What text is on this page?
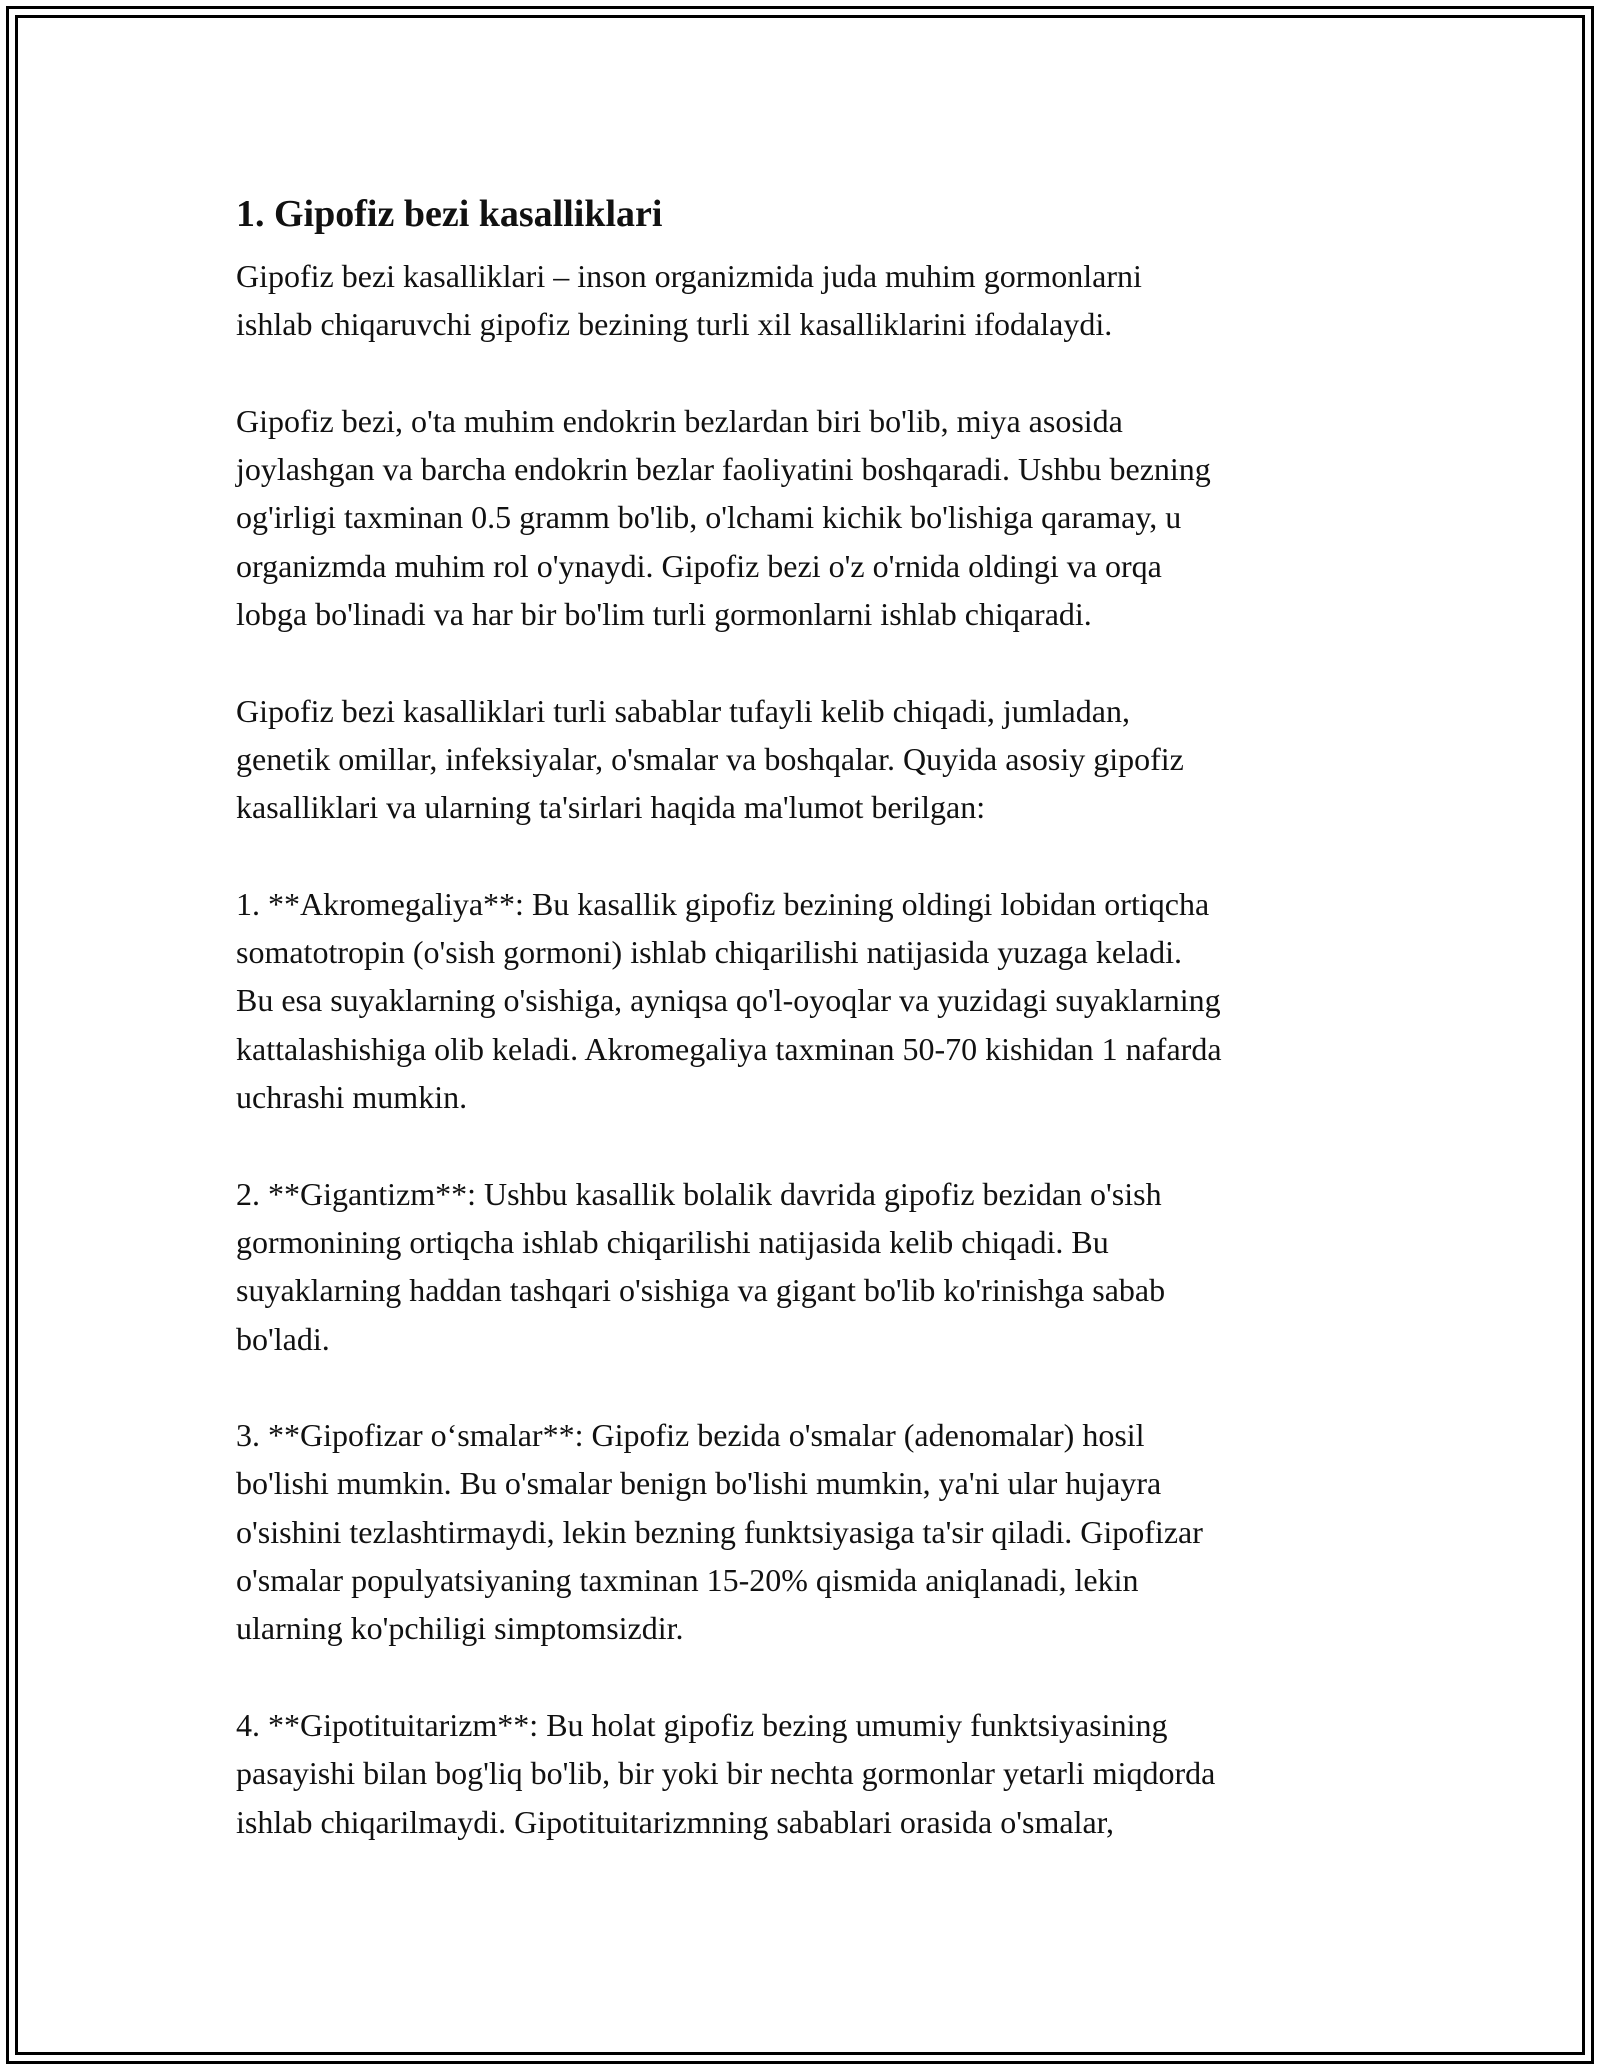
1. Gipofiz bezi kasalliklari

Gipofiz bezi kasalliklari – inson organizmida juda muhim gormonlarni
ishlab chiqaruvchi gipofiz bezining turli xil kasalliklarini ifodalaydi.

Gipofiz bezi, o'ta muhim endokrin bezlardan biri bo'lib, miya asosida
joylashgan va barcha endokrin bezlar faoliyatini boshqaradi. Ushbu bezning
og'irligi taxminan 0.5 gramm bo'lib, o'lchami kichik bo'lishiga qaramay, u
organizmda muhim rol o'ynaydi. Gipofiz bezi o'z o'rnida oldingi va orqa
lobga bo'linadi va har bir bo'lim turli gormonlarni ishlab chiqaradi.

Gipofiz bezi kasalliklari turli sabablar tufayli kelib chiqadi, jumladan,
genetik omillar, infeksiyalar, o'smalar va boshqalar. Quyida asosiy gipofiz
kasalliklari va ularning ta'sirlari haqida ma'lumot berilgan:

1. **Akromegaliya**: Bu kasallik gipofiz bezining oldingi lobidan ortiqcha
somatotropin (o'sish gormoni) ishlab chiqarilishi natijasida yuzaga keladi.
Bu esa suyaklarning o'sishiga, ayniqsa qo'l-oyoqlar va yuzidagi suyaklarning
kattalashishiga olib keladi. Akromegaliya taxminan 50-70 kishidan 1 nafarda
uchrashi mumkin.

2. **Gigantizm**: Ushbu kasallik bolalik davrida gipofiz bezidan o'sish
gormonining ortiqcha ishlab chiqarilishi natijasida kelib chiqadi. Bu
suyaklarning haddan tashqari o'sishiga va gigant bo'lib ko'rinishga sabab
bo'ladi.

3. **Gipofizar o‘smalar**: Gipofiz bezida o'smalar (adenomalar) hosil
bo'lishi mumkin. Bu o'smalar benign bo'lishi mumkin, ya'ni ular hujayra
o'sishini tezlashtirmaydi, lekin bezning funktsiyasiga ta'sir qiladi. Gipofizar
o'smalar populyatsiyaning taxminan 15-20% qismida aniqlanadi, lekin
ularning ko'pchiligi simptomsizdir.

4. **Gipotituitarizm**: Bu holat gipofiz bezing umumiy funktsiyasining
pasayishi bilan bog'liq bo'lib, bir yoki bir nechta gormonlar yetarli miqdorda
ishlab chiqarilmaydi. Gipotituitarizmning sabablari orasida o'smalar,
